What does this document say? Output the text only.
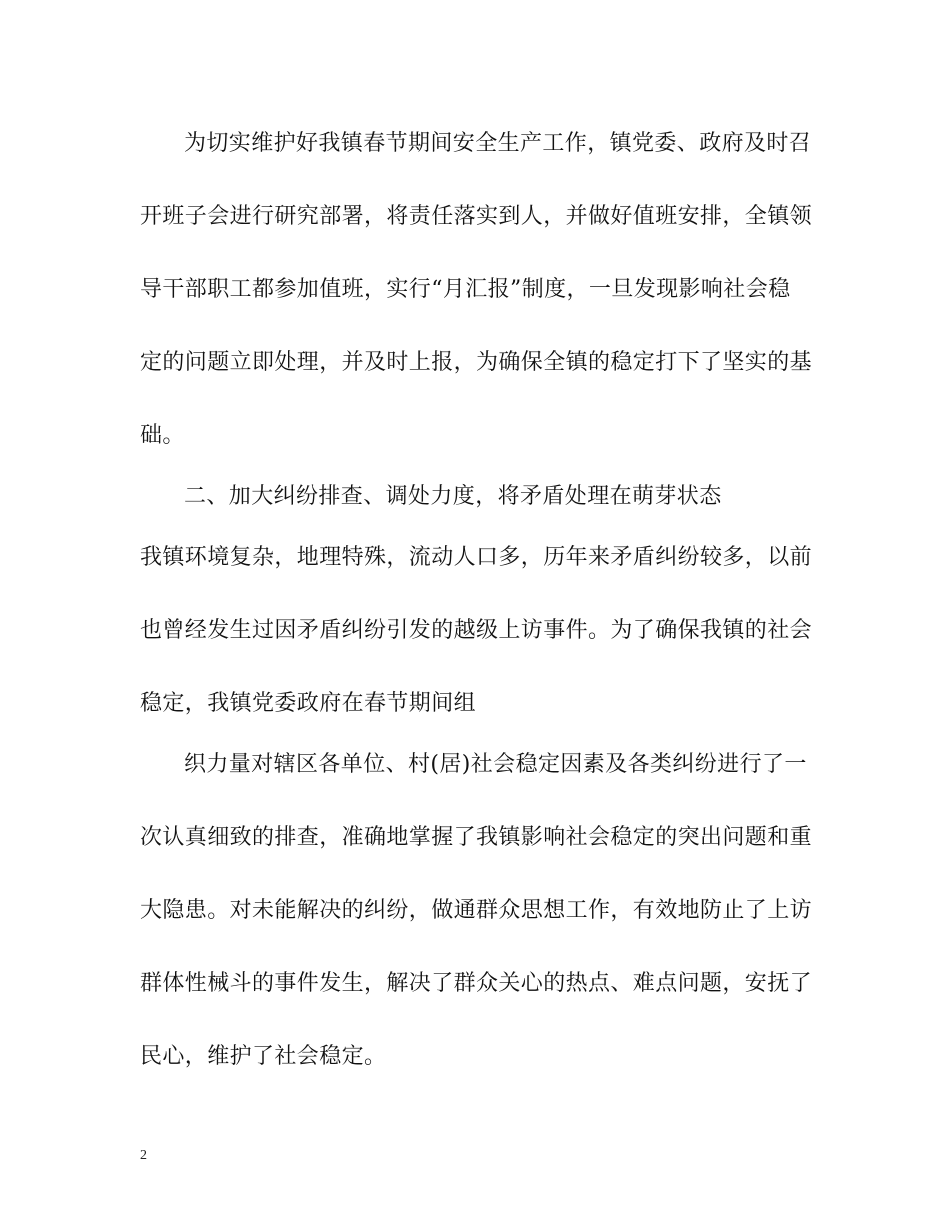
为切实维护好我镇春节期间安全生产工作，镇党委、政府及时召
开班子会进行研究部署，将责任落实到人，并做好值班安排，全镇领
导干部职工都参加值班，实行“月汇报”制度，一旦发现影响社会稳
定的问题立即处理，并及时上报，为确保全镇的稳定打下了坚实的基
础。
二、加大纠纷排查、调处力度，将矛盾处理在萌芽状态
我镇环境复杂，地理特殊，流动人口多，历年来矛盾纠纷较多，以前
也曾经发生过因矛盾纠纷引发的越级上访事件。为了确保我镇的社会
稳定，我镇党委政府在春节期间组
织力量对辖区各单位、村(居)社会稳定因素及各类纠纷进行了一
次认真细致的排查，准确地掌握了我镇影响社会稳定的突出问题和重
大隐患。对未能解决的纠纷，做通群众思想工作，有效地防止了上访
群体性械斗的事件发生，解决了群众关心的热点、难点问题，安抚了
民心，维护了社会稳定。
2
